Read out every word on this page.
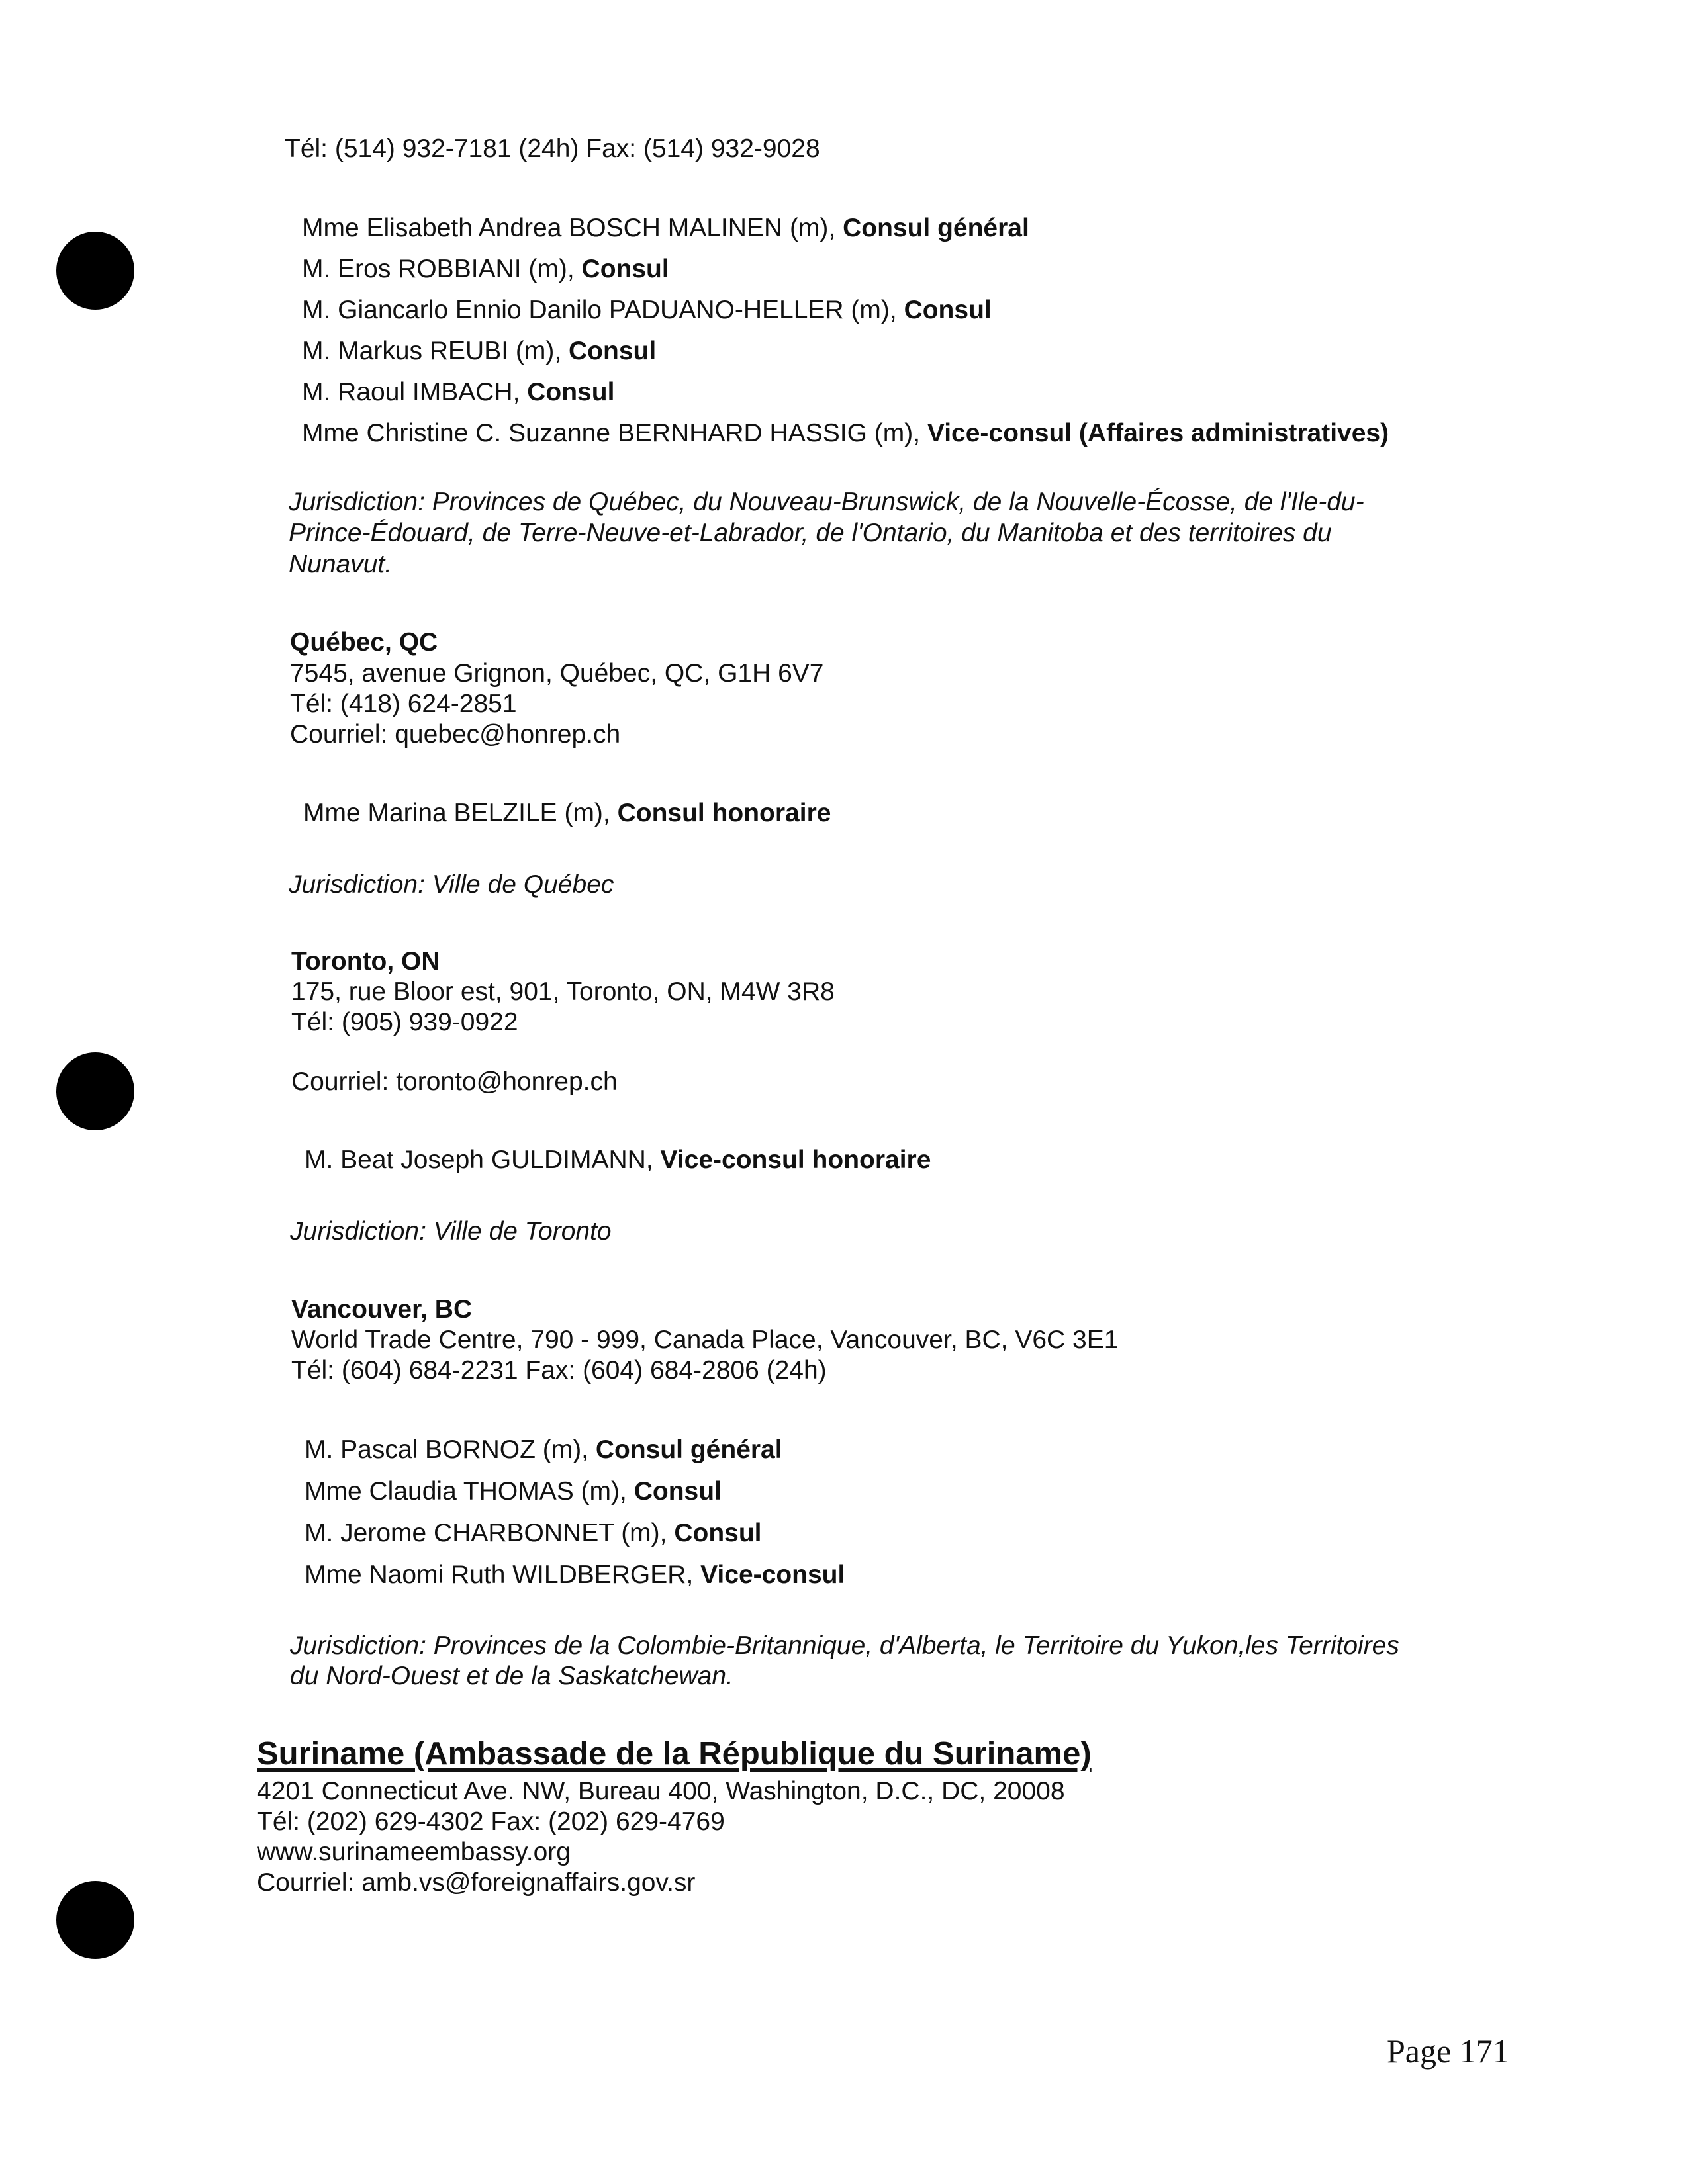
Tél: (514) 932-7181 (24h) Fax: (514) 932-9028
Mme Elisabeth Andrea BOSCH MALINEN (m), Consul général
M. Eros ROBBIANI (m), Consul
M. Giancarlo Ennio Danilo PADUANO-HELLER (m), Consul
M. Markus REUBI (m), Consul
M. Raoul IMBACH, Consul
Mme Christine C. Suzanne BERNHARD HASSIG (m), Vice-consul (Affaires administratives)
Jurisdiction: Provinces de Québec, du Nouveau-Brunswick, de la Nouvelle-Écosse, de l'Ile-du-
Prince-Édouard, de Terre-Neuve-et-Labrador, de l'Ontario, du Manitoba et des territoires du
Nunavut.
Québec, QC
7545, avenue Grignon, Québec, QC, G1H 6V7
Tél: (418) 624-2851
Courriel: quebec@honrep.ch
Mme Marina BELZILE (m), Consul honoraire
Jurisdiction: Ville de Québec
Toronto, ON
175, rue Bloor est, 901, Toronto, ON, M4W 3R8
Tél: (905) 939-0922
Courriel: toronto@honrep.ch
M. Beat Joseph GULDIMANN, Vice-consul honoraire
Jurisdiction: Ville de Toronto
Vancouver, BC
World Trade Centre, 790 - 999, Canada Place, Vancouver, BC, V6C 3E1
Tél: (604) 684-2231 Fax: (604) 684-2806 (24h)
M. Pascal BORNOZ (m), Consul général
Mme Claudia THOMAS (m), Consul
M. Jerome CHARBONNET (m), Consul
Mme Naomi Ruth WILDBERGER, Vice-consul
Jurisdiction: Provinces de la Colombie-Britannique, d'Alberta, le Territoire du Yukon,les Territoires
du Nord-Ouest et de la Saskatchewan.
Suriname (Ambassade de la République du Suriname)
4201 Connecticut Ave. NW, Bureau 400, Washington, D.C., DC, 20008
Tél: (202) 629-4302 Fax: (202) 629-4769
www.surinameembassy.org
Courriel: amb.vs@foreignaffairs.gov.sr
Page 171
